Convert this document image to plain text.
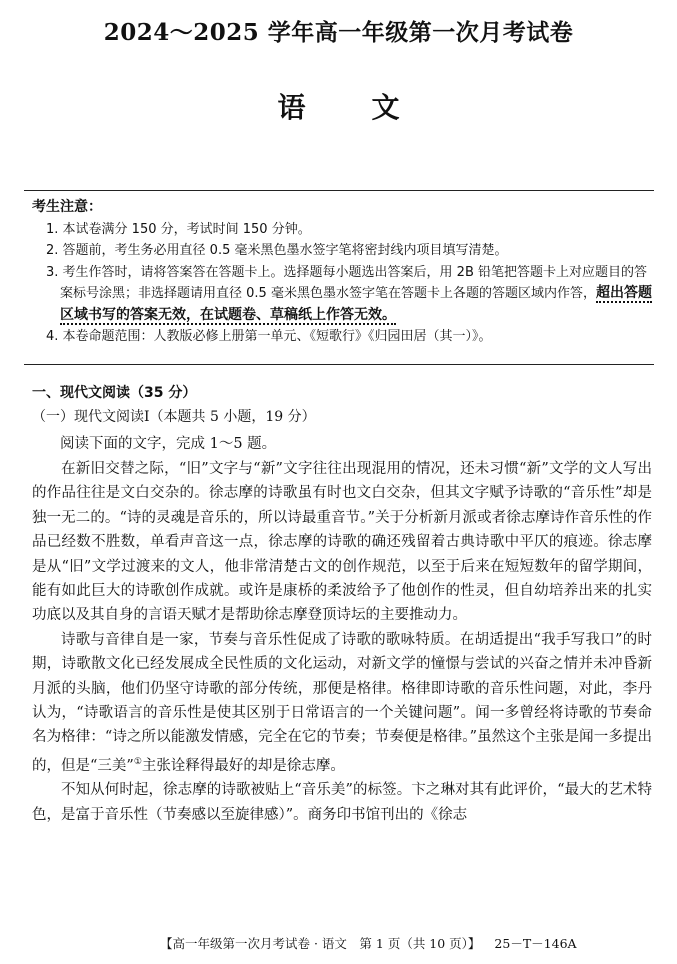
2024～2025 学年高一年级第一次月考试卷
语文
考生注意：
1. 本试卷满分 150 分，考试时间 150 分钟。
2. 答题前，考生务必用直径 0.5 毫米黑色墨水签字笔将密封线内项目填写清楚。
3. 考生作答时，请将答案答在答题卡上。选择题每小题选出答案后，用 2B 铅笔把答题卡上对应题目的答案标号涂黑；非选择题请用直径 0.5 毫米黑色墨水签字笔在答题卡上各题的答题区域内作答，超出答题区域书写的答案无效，在试题卷、草稿纸上作答无效。
4. 本卷命题范围：人教版必修上册第一单元、《短歌行》《归园田居（其一）》。
一、现代文阅读（35 分）
（一）现代文阅读Ⅰ（本题共 5 小题，19 分）
阅读下面的文字，完成 1～5 题。

在新旧交替之际，“旧”文字与“新”文字往往出现混用的情况，还未习惯“新”文学的文人写出的作品往往是文白交杂的。徐志摩的诗歌虽有时也文白交杂，但其文字赋予诗歌的“音乐性”却是独一无二的。“诗的灵魂是音乐的，所以诗最重音节。”关于分析新月派或者徐志摩诗作音乐性的作品已经数不胜数，单看声音这一点，徐志摩的诗歌的确还残留着古典诗歌中平仄的痕迹。徐志摩是从“旧”文学过渡来的文人，他非常清楚古文的创作规范，以至于后来在短短数年的留学期间，能有如此巨大的诗歌创作成就。或许是康桥的柔波给予了他创作的性灵，但自幼培养出来的扎实功底以及其自身的言语天赋才是帮助徐志摩登顶诗坛的主要推动力。

诗歌与音律自是一家，节奏与音乐性促成了诗歌的歌咏特质。在胡适提出“我手写我口”的时期，诗歌散文化已经发展成全民性质的文化运动，对新文学的憧憬与尝试的兴奋之情并未冲昏新月派的头脑，他们仍坚守诗歌的部分传统，那便是格律。格律即诗歌的音乐性问题，对此，李丹认为，“诗歌语言的音乐性是使其区别于日常语言的一个关键问题”。闻一多曾经将诗歌的节奏命名为格律：“诗之所以能激发情感，完全在它的节奏；节奏便是格律。”虽然这个主张是闻一多提出的，但是“三美”①主张诠释得最好的却是徐志摩。

不知从何时起，徐志摩的诗歌被贴上“音乐美”的标签。卞之琳对其有此评价，“最大的艺术特色，是富于音乐性（节奏感以至旋律感）”。商务印书馆刊出的《徐志

【高一年级第一次月考试卷 · 语文　第 1 页（共 10 页）】 25－T－146A
